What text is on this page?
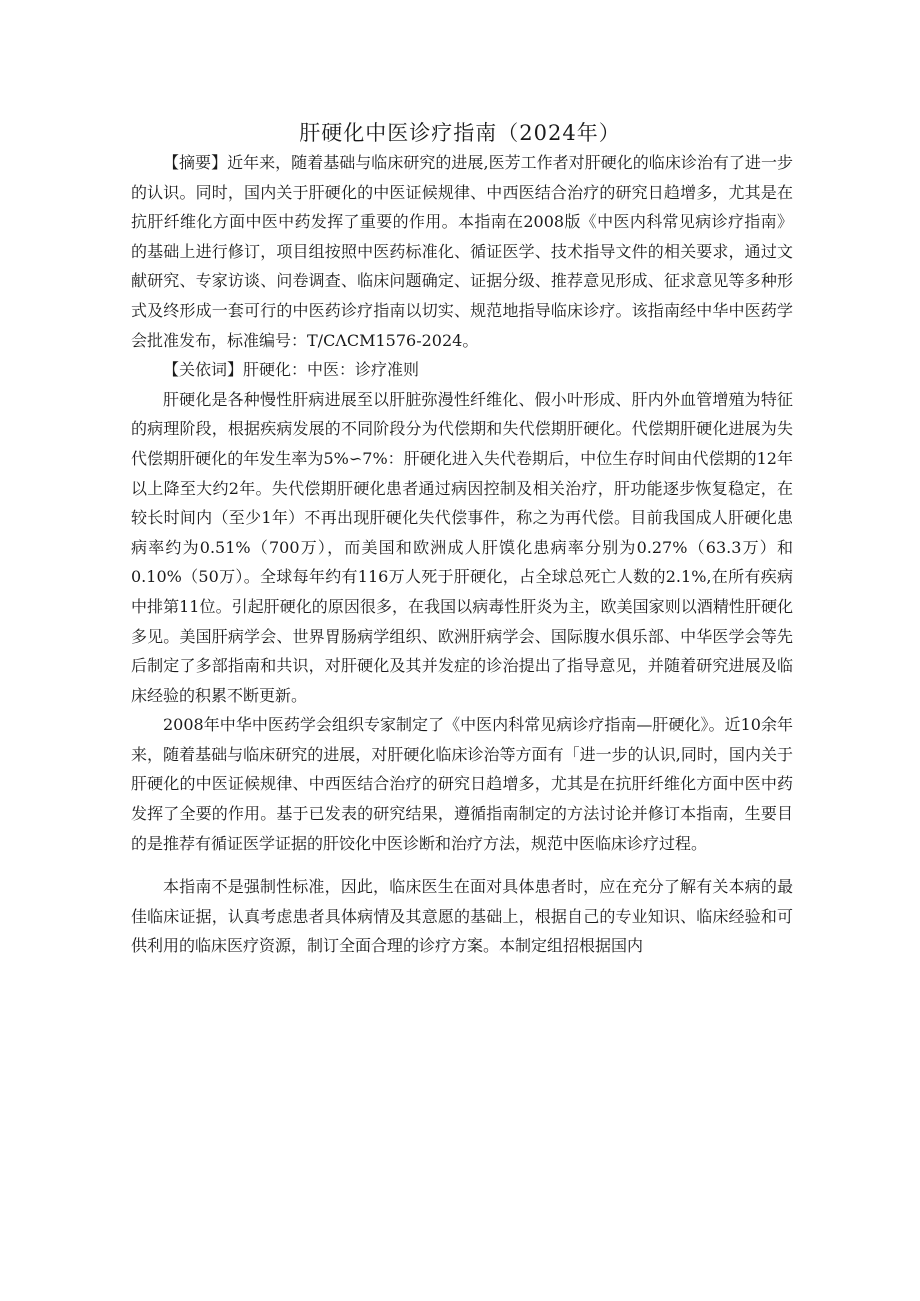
肝硬化中医诊疗指南（2024年）

【摘要】近年来，随着基础与临床研究的进展,医芳工作者对肝硬化的临床诊治有了进一步的认识。同时，国内关于肝硬化的中医证候规律、中西医结合治疗的研究日趋增多，尤其是在抗肝纤维化方面中医中药发挥了重要的作用。本指南在2008版《中医内科常见病诊疗指南》的基础上进行修订，项目组按照中医药标准化、循证医学、技术指导文件的相关要求，通过文献研究、专家访谈、问卷调查、临床问题确定、证据分级、推荐意见形成、征求意见等多种形式及终形成一套可行的中医药诊疗指南以切实、规范地指导临床诊疗。该指南经中华中医药学会批准发布，标准编号：T/CΛCM1576-2024。

【关依词】肝硬化：中医：诊疗准则

肝硬化是各种慢性肝病进展至以肝脏弥漫性纤维化、假小叶形成、肝内外血管增殖为特征的病理阶段，根据疾病发展的不同阶段分为代偿期和失代偿期肝硬化。代偿期肝硬化进展为失代偿期肝硬化的年发生率为5%∽7%：肝硬化进入失代卷期后，中位生存时间由代偿期的12年以上降至大约2年。失代偿期肝硬化患者通过病因控制及相关治疗，肝功能逐步恢复稳定，在较长时间内（至少1年）不再出现肝硬化失代偿事件，称之为再代偿。目前我国成人肝硬化患病率约为0.51%（700万），而美国和欧洲成人肝馍化患病率分别为0.27%（63.3万）和0.10%（50万）。全球每年约有116万人死于肝硬化，占全球总死亡人数的2.1%,在所有疾病中排第11位。引起肝硬化的原因很多，在我国以病毒性肝炎为主，欧美国家则以酒精性肝硬化多见。美国肝病学会、世界胃肠病学组织、欧洲肝病学会、国际腹水俱乐部、中华医学会等先后制定了多部指南和共识，对肝硬化及其并发症的诊治提出了指导意见，并随着研究进展及临床经验的积累不断更新。

2008年中华中医药学会组织专家制定了《中医内科常见病诊疗指南—肝硬化》。近10余年来，随着基础与临床研究的进展，对肝硬化临床诊治等方面有「进一步的认识,同时，国内关于肝硬化的中医证候规律、中西医结合治疗的研究日趋增多，尤其是在抗肝纤维化方面中医中药发挥了全要的作用。基于已发表的研究结果，遵循指南制定的方法讨论并修订本指南，生要目的是推荐有循证医学证据的肝饺化中医诊断和治疗方法，规范中医临床诊疗过程。

本指南不是强制性标准，因此，临床医生在面对具体患者时，应在充分了解有关本病的最佳临床证据，认真考虑患者具体病情及其意愿的基础上，根据自己的专业知识、临床经验和可供利用的临床医疗资源，制订全面合理的诊疗方案。本制定组招根据国内
